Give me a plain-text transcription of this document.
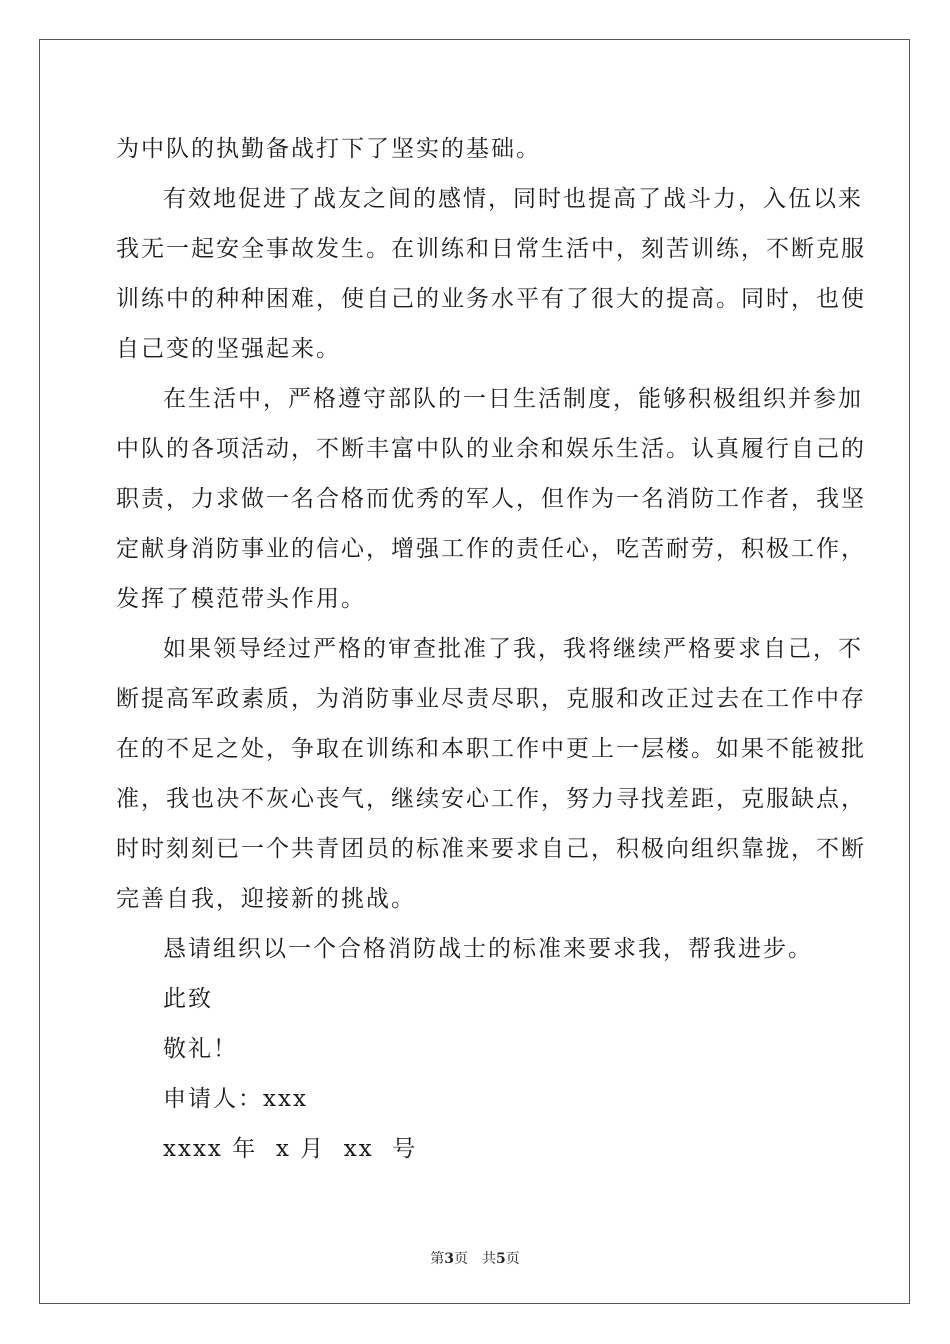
为中队的执勤备战打下了坚实的基础。
有效地促进了战友之间的感情，同时也提高了战斗力，入伍以来
我无一起安全事故发生。在训练和日常生活中，刻苦训练，不断克服
训练中的种种困难，使自己的业务水平有了很大的提高。同时，也使
自己变的坚强起来。
在生活中，严格遵守部队的一日生活制度，能够积极组织并参加
中队的各项活动，不断丰富中队的业余和娱乐生活。认真履行自己的
职责，力求做一名合格而优秀的军人，但作为一名消防工作者，我坚
定献身消防事业的信心，增强工作的责任心，吃苦耐劳，积极工作，
发挥了模范带头作用。
如果领导经过严格的审查批准了我，我将继续严格要求自己，不
断提高军政素质，为消防事业尽责尽职，克服和改正过去在工作中存
在的不足之处，争取在训练和本职工作中更上一层楼。如果不能被批
准，我也决不灰心丧气，继续安心工作，努力寻找差距，克服缺点，
时时刻刻已一个共青团员的标准来要求自己，积极向组织靠拢，不断
完善自我，迎接新的挑战。
恳请组织以一个合格消防战士的标准来要求我，帮我进步。
此致
敬礼！
申请人：xxx
xxxx 年  x 月  xx  号
第3页 共5页
